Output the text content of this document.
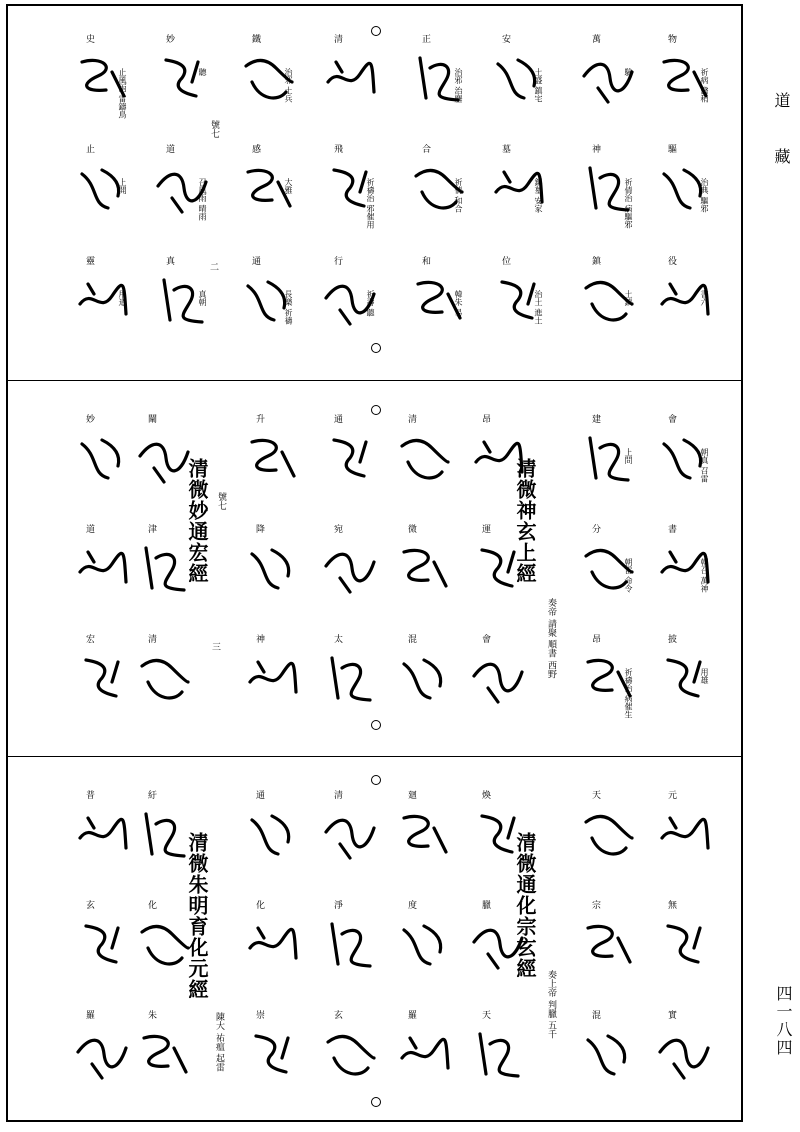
道藏
四一八四
物
祈病 醫稍
驅
治典 驅邪
役
書六
萬
驗
神
祈倩治 病驅邪
鎮
土鎮
安
土盛 鎮宅
墓
鎮墓 安家
位
治土 進土
正
治邪 治鏖
合
祈倩 和合
和
韓朱 易
清
飛
祈禱治 邪催用
行
祈壽 聽
鐵
治邪 土兵
感
大雅
通
長樂 祈禱
妙
聽
道
召風雨 晴雨
真
真朝
史
止風兩 雷鑄鳥
止
上開
靈
用道
號七
二
會
朝真 召雷
書
朝召 萬神
披
用雄
建
上問
分
朝雷 命令
昂
祈禱治 病催生
昂
運
會
清
微
混
通
宛
太
升
降
神
闡
津
清
妙
道
宏
清微神玄上經
奏帝 請聚 順書 西野
清微妙通宏經 號七
三
元
無
實
天
宗
混
煥
臘
天
廻
度
羅
清
淨
玄
通
化
崇
紆
化
朱
普
玄
羅
清微通化宗玄經
奏上帝 判臘 五千
清微朱明育化元經
陳大 祐瘟 起雷
